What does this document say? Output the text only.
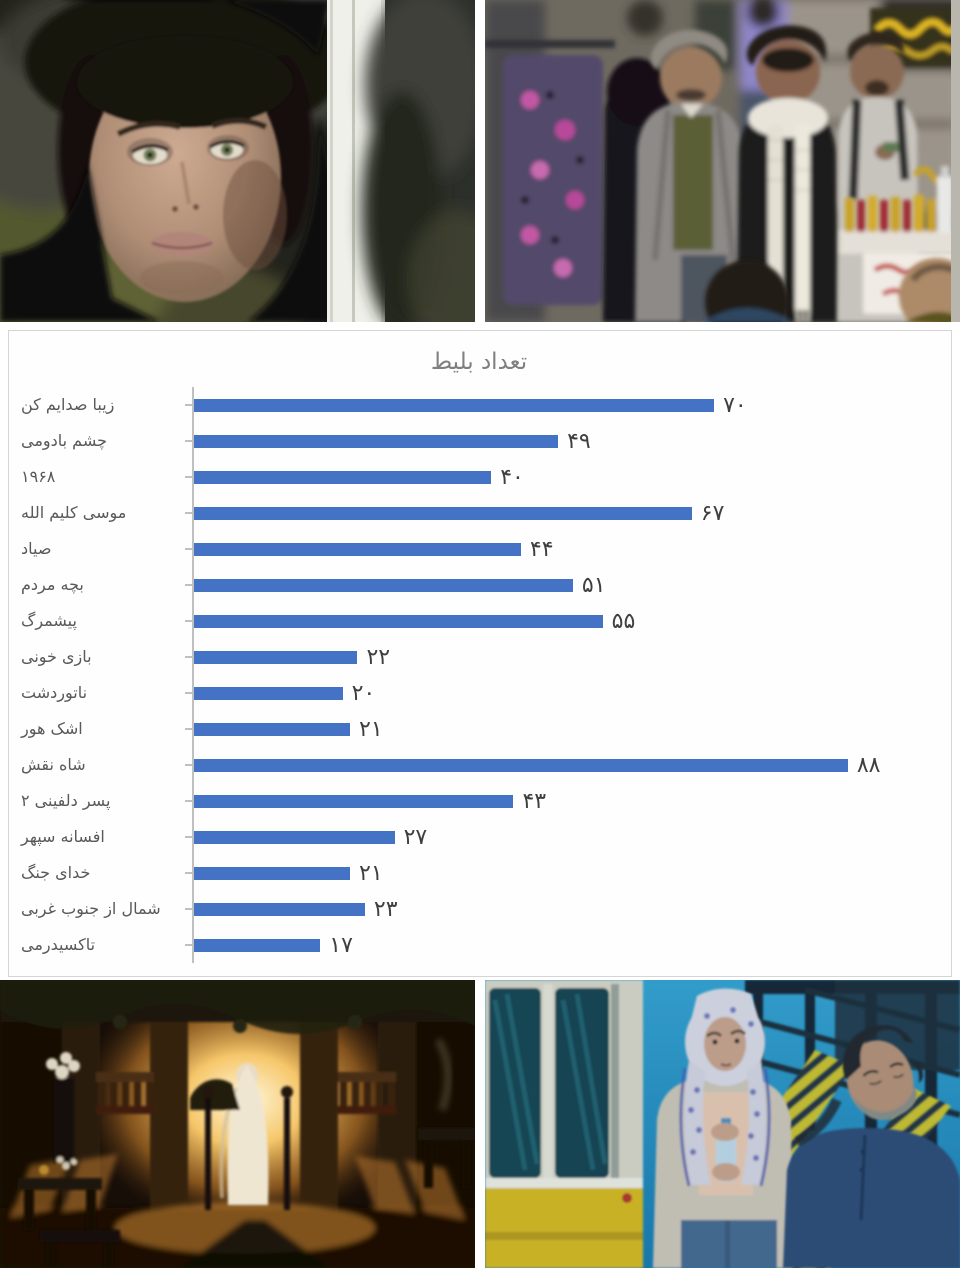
تعداد بلیط
زیبا صدایم کن	۷۰
چشم بادومی	۴۹
۱۹۶۸	۴۰
موسی کلیم الله	۶۷
صیاد	۴۴
بچه مردم	۵۱
پیشمرگ	۵۵
بازی خونی	۲۲
ناتوردشت	۲۰
اشک هور	۲۱
شاه نقش	۸۸
پسر دلفینی ۲	۴۳
افسانه سپهر	۲۷
خدای جنگ	۲۱
شمال از جنوب غربی	۲۳
تاکسیدرمی	۱۷
